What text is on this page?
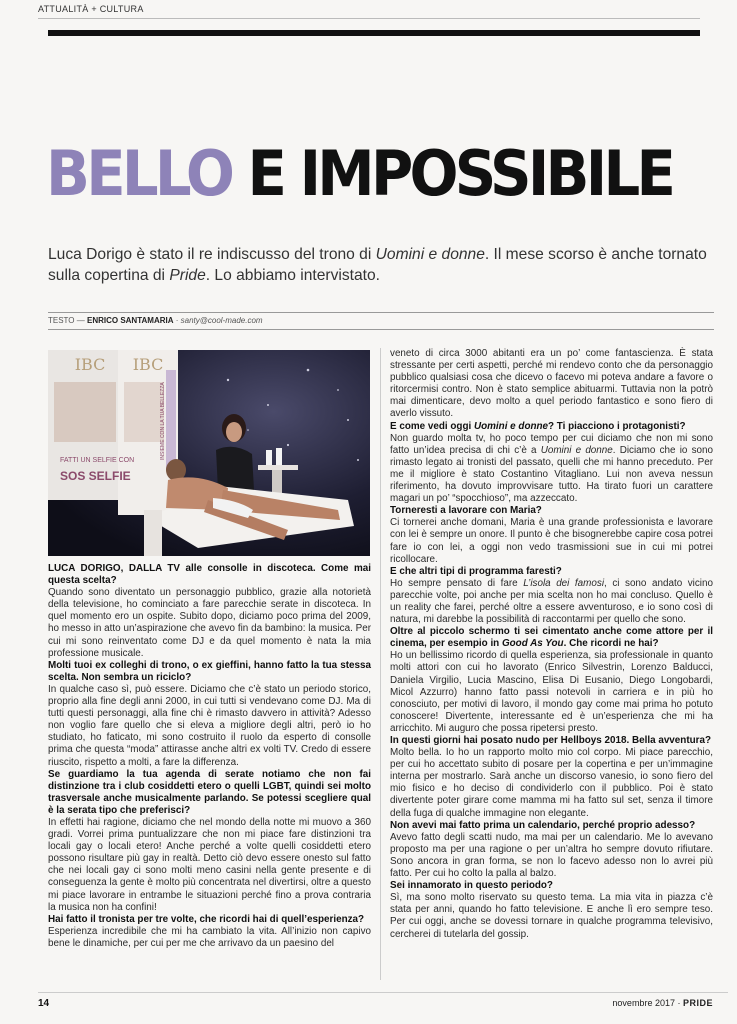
ATTUALITÀ + CULTURA
BELLO E IMPOSSIBILE
Luca Dorigo è stato il re indiscusso del trono di Uomini e donne. Il mese scorso è anche tornato sulla copertina di Pride. Lo abbiamo intervistato.
TESTO — ENRICO SANTAMARIA · santy@cool-made.com
IBC IBC
FATTI UN SELFIE CON
SOS SELFIE
INSIEME CON LA TUA BELLEZZA

LUCA DORIGO, DALLA TV alle consolle in discoteca. Come mai questa scelta?

Quando sono diventato un personaggio pubblico, grazie alla notorietà della televisione, ho cominciato a fare parecchie serate in discoteca. In quel momento ero un ospite. Subito dopo, diciamo poco prima del 2009, ho messo in atto un’aspirazione che avevo fin da bambino: la musica. Per cui mi sono reinventato come DJ e da quel momento è nata la mia professione musicale.

Molti tuoi ex colleghi di trono, o ex gieffini, hanno fatto la tua stessa scelta. Non sembra un riciclo?

In qualche caso sì, può essere. Diciamo che c’è stato un periodo storico, proprio alla fine degli anni 2000, in cui tutti si vendevano come DJ. Ma di tutti questi personaggi, alla fine chi è rimasto davvero in attività? Adesso non voglio fare quello che si eleva a migliore degli altri, però io ho studiato, ho faticato, mi sono costruito il ruolo da esperto di consolle prima che questa “moda” attirasse anche altri ex volti TV. Credo di essere riuscito, rispetto a molti, a fare la differenza.

Se guardiamo la tua agenda di serate notiamo che non fai distinzione tra i club cosiddetti etero o quelli LGBT, quindi sei molto trasversale anche musicalmente parlando. Se potessi scegliere qual è la serata tipo che preferisci?

In effetti hai ragione, diciamo che nel mondo della notte mi muovo a 360 gradi. Vorrei prima puntualizzare che non mi piace fare distinzioni tra locali gay o locali etero! Anche perché a volte quelli cosiddetti etero possono risultare più gay in realtà. Detto ciò devo essere onesto sul fatto che nei locali gay ci sono molti meno casini nella gente presente e di conseguenza la gente è molto più concentrata nel divertirsi, oltre a questo mi piace lavorare in entrambe le situazioni perché fino a prova contraria la musica non ha confini!

Hai fatto il tronista per tre volte, che ricordi hai di quell’esperienza?

Esperienza incredibile che mi ha cambiato la vita. All’inizio non capivo bene le dinamiche, per cui per me che arrivavo da un paesino del

veneto di circa 3000 abitanti era un po’ come fantascienza. È stata stressante per certi aspetti, perché mi rendevo conto che da personaggio pubblico qualsiasi cosa che dicevo o facevo mi poteva andare a favore o ritorcermisi contro. Non è stato semplice abituarmi. Tuttavia non la potrò mai dimenticare, devo molto a quel periodo fantastico e sono fiero di averlo vissuto.

E come vedi oggi Uomini e donne? Ti piacciono i protagonisti?

Non guardo molta tv, ho poco tempo per cui diciamo che non mi sono fatto un’idea precisa di chi c’è a Uomini e donne. Diciamo che io sono rimasto legato ai tronisti del passato, quelli che mi hanno preceduto. Per me il migliore è stato Costantino Vitagliano. Lui non aveva nessun riferimento, ha dovuto improvvisare tutto. Ha tirato fuori un carattere magari un po’ “spocchioso”, ma azzeccato.

Torneresti a lavorare con Maria?

Ci tornerei anche domani, Maria è una grande professionista e lavorare con lei è sempre un onore. Il punto è che bisognerebbe capire cosa potrei fare io con lei, a oggi non vedo trasmissioni sue in cui mi potrei ricollocare.

E che altri tipi di programma faresti?

Ho sempre pensato di fare L’isola dei famosi, ci sono andato vicino parecchie volte, poi anche per mia scelta non ho mai concluso. Quello è un reality che farei, perché oltre a essere avventuroso, e io sono così di natura, mi darebbe la possibilità di raccontarmi per quello che sono.

Oltre al piccolo schermo ti sei cimentato anche come attore per il cinema, per esempio in Good As You. Che ricordi ne hai?

Ho un bellissimo ricordo di quella esperienza, sia professionale in quanto molti attori con cui ho lavorato (Enrico Silvestrin, Lorenzo Balducci, Daniela Virgilio, Lucia Mascino, Elisa Di Eusanio, Diego Longobardi, Micol Azzurro) hanno fatto passi notevoli in carriera e in più ho conosciuto, per motivi di lavoro, il mondo gay come mai prima ho potuto conoscere! Divertente, interessante ed è un’esperienza che mi ha arricchito. Mi auguro che possa ripetersi presto.

In questi giorni hai posato nudo per Hellboys 2018. Bella avventura?

Molto bella. Io ho un rapporto molto mio col corpo. Mi piace parecchio, per cui ho accettato subito di posare per la copertina e per un’immagine interna per mostrarlo. Sarà anche un discorso vanesio, io sono fiero del mio fisico e ho deciso di condividerlo con il pubblico. Poi è stato divertente poter girare come mamma mi ha fatto sul set, senza il timore della fuga di qualche immagine non elegante.

Non avevi mai fatto prima un calendario, perché proprio adesso?

Avevo fatto degli scatti nudo, ma mai per un calendario. Me lo avevano proposto ma per una ragione o per un’altra ho sempre dovuto rifiutare. Sono ancora in gran forma, se non lo facevo adesso non lo avrei più fatto. Per cui ho colto la palla al balzo.

Sei innamorato in questo periodo?

Sì, ma sono molto riservato su questo tema. La mia vita in piazza c’è stata per anni, quando ho fatto televisione. E anche lì ero sempre teso. Per cui oggi, anche se dovessi tornare in qualche programma televisivo, cercherei di tutelarla del gossip.

14	novembre 2017 · PRIDE
